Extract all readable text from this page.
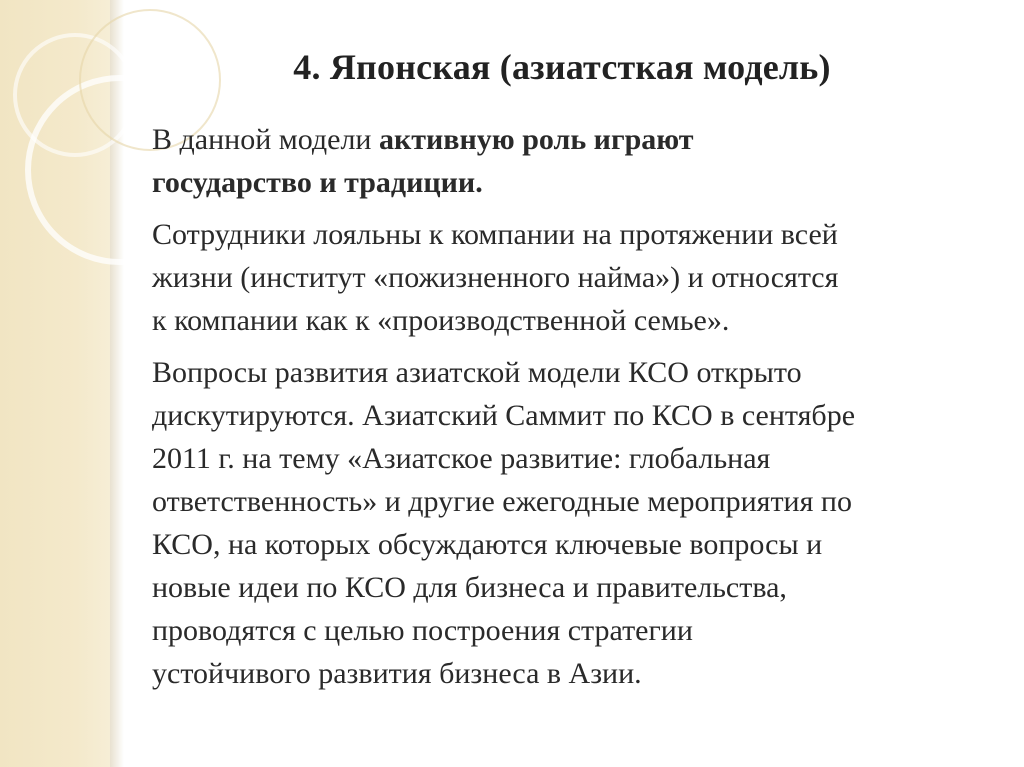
4. Японская (азиатсткая модель)

В данной модели активную роль играют
государство и традиции.

Сотрудники лояльны к компании на протяжении всей
жизни (институт «пожизненного найма») и относятся
к компании как к «производственной семье».

Вопросы развития азиатской модели КСО открыто
дискутируются. Азиатский Саммит по КСО в сентябре
2011 г. на тему «Азиатское развитие: глобальная
ответственность» и другие ежегодные мероприятия по
КСО, на которых обсуждаются ключевые вопросы и
новые идеи по КСО для бизнеса и правительства,
проводятся с целью построения стратегии
устойчивого развития бизнеса в Азии.
